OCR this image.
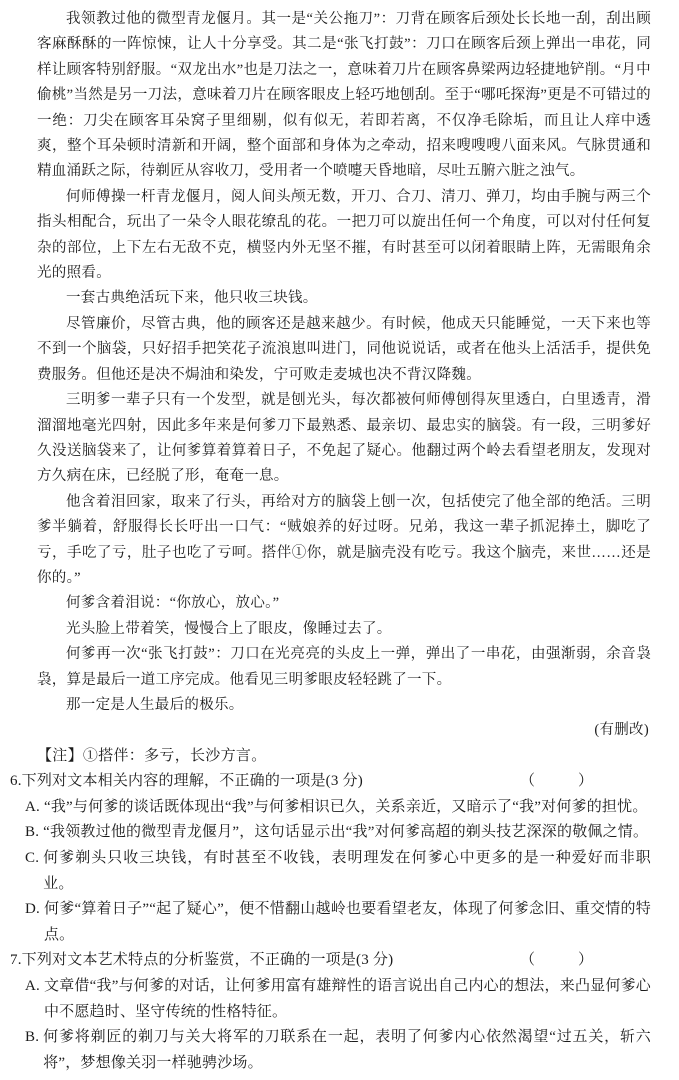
我领教过他的微型青龙偃月。其一是“关公拖刀”：刀背在顾客后颈处长长地一刮，刮出顾客麻酥酥的一阵惊悚，让人十分享受。其二是“张飞打鼓”：刀口在顾客后颈上弹出一串花，同样让顾客特别舒服。“双龙出水”也是刀法之一，意味着刀片在顾客鼻梁两边轻捷地铲削。“月中偷桃”当然是另一刀法，意味着刀片在顾客眼皮上轻巧地刨刮。至于“哪吒探海”更是不可错过的一绝：刀尖在顾客耳朵窝子里细剔，似有似无，若即若离，不仅净毛除垢，而且让人痒中透爽，整个耳朵顿时清新和开阔，整个面部和身体为之牵动，招来嗖嗖嗖八面来风。气脉贯通和精血涌跃之际，待剃匠从容收刀，受用者一个喷嚏天昏地暗，尽吐五腑六脏之浊气。

何师傅操一杆青龙偃月，阅人间头颅无数，开刀、合刀、清刀、弹刀，均由手腕与两三个指头相配合，玩出了一朵令人眼花缭乱的花。一把刀可以旋出任何一个角度，可以对付任何复杂的部位，上下左右无敌不克，横竖内外无坚不摧，有时甚至可以闭着眼睛上阵，无需眼角余光的照看。

一套古典绝活玩下来，他只收三块钱。

尽管廉价，尽管古典，他的顾客还是越来越少。有时候，他成天只能睡觉，一天下来也等不到一个脑袋，只好招手把笑花子流浪崽叫进门，同他说说话，或者在他头上活活手，提供免费服务。但他还是决不焗油和染发，宁可败走麦城也决不背汉降魏。

三明爹一辈子只有一个发型，就是刨光头，每次都被何师傅刨得灰里透白，白里透青，滑溜溜地毫光四射，因此多年来是何爹刀下最熟悉、最亲切、最忠实的脑袋。有一段，三明爹好久没送脑袋来了，让何爹算着算着日子，不免起了疑心。他翻过两个岭去看望老朋友，发现对方久病在床，已经脱了形，奄奄一息。

他含着泪回家，取来了行头，再给对方的脑袋上刨一次，包括使完了他全部的绝活。三明爹半躺着，舒服得长长吁出一口气：“贼娘养的好过呀。兄弟，我这一辈子抓泥捧土，脚吃了亏，手吃了亏，肚子也吃了亏呵。搭伴①你，就是脑壳没有吃亏。我这个脑壳，来世……还是你的。”

何爹含着泪说：“你放心，放心。”

光头脸上带着笑，慢慢合上了眼皮，像睡过去了。

何爹再一次“张飞打鼓”：刀口在光亮亮的头皮上一弹，弹出了一串花，由强渐弱，余音袅袅，算是最后一道工序完成。他看见三明爹眼皮轻轻跳了一下。

那一定是人生最后的极乐。

(有删改)

【注】①搭伴：多亏，长沙方言。

6.下列对文本相关内容的理解，不正确的一项是(3 分)	（　）
A. “我”与何爹的谈话既体现出“我”与何爹相识已久，关系亲近，又暗示了“我”对何爹的担忧。
B. “我领教过他的微型青龙偃月”，这句话显示出“我”对何爹高超的剃头技艺深深的敬佩之情。
C. 何爹剃头只收三块钱，有时甚至不收钱，表明理发在何爹心中更多的是一种爱好而非职业。
D. 何爹“算着日子”“起了疑心”，便不惜翻山越岭也要看望老友，体现了何爹念旧、重交情的特点。
7.下列对文本艺术特点的分析鉴赏，不正确的一项是(3 分)	（　）
A. 文章借“我”与何爹的对话，让何爹用富有雄辩性的语言说出自己内心的想法，来凸显何爹心中不愿趋时、坚守传统的性格特征。
B. 何爹将剃匠的剃刀与关大将军的刀联系在一起，表明了何爹内心依然渴望“过五关，斩六将”，梦想像关羽一样驰骋沙场。
